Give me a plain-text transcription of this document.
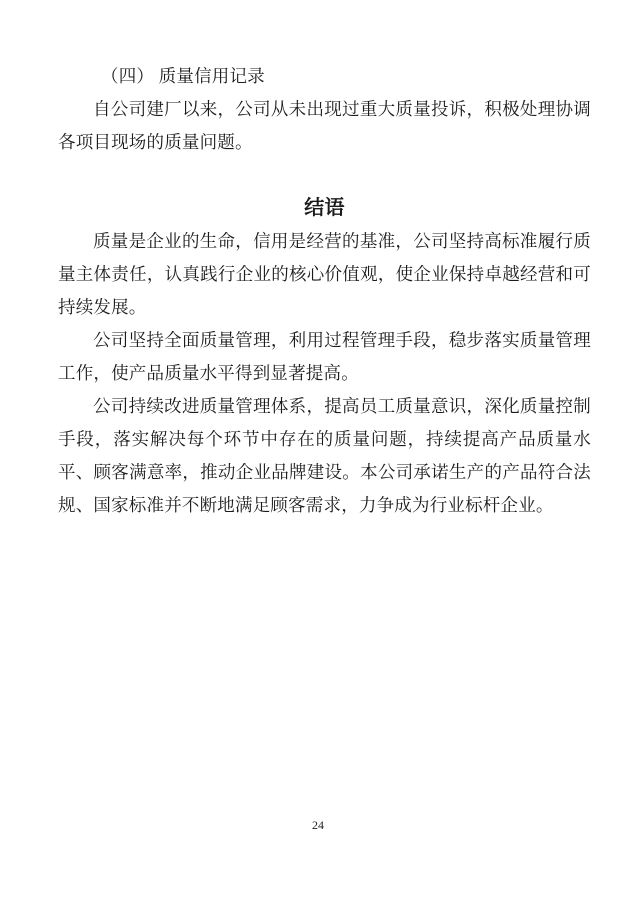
（四） 质量信用记录

自公司建厂以来，公司从未出现过重大质量投诉，积极处理协调各项目现场的质量问题。

结语

质量是企业的生命，信用是经营的基准，公司坚持高标准履行质量主体责任，认真践行企业的核心价值观，使企业保持卓越经营和可持续发展。

公司坚持全面质量管理，利用过程管理手段，稳步落实质量管理工作，使产品质量水平得到显著提高。

公司持续改进质量管理体系，提高员工质量意识，深化质量控制手段，落实解决每个环节中存在的质量问题，持续提高产品质量水平、顾客满意率，推动企业品牌建设。本公司承诺生产的产品符合法规、国家标准并不断地满足顾客需求，力争成为行业标杆企业。

24
